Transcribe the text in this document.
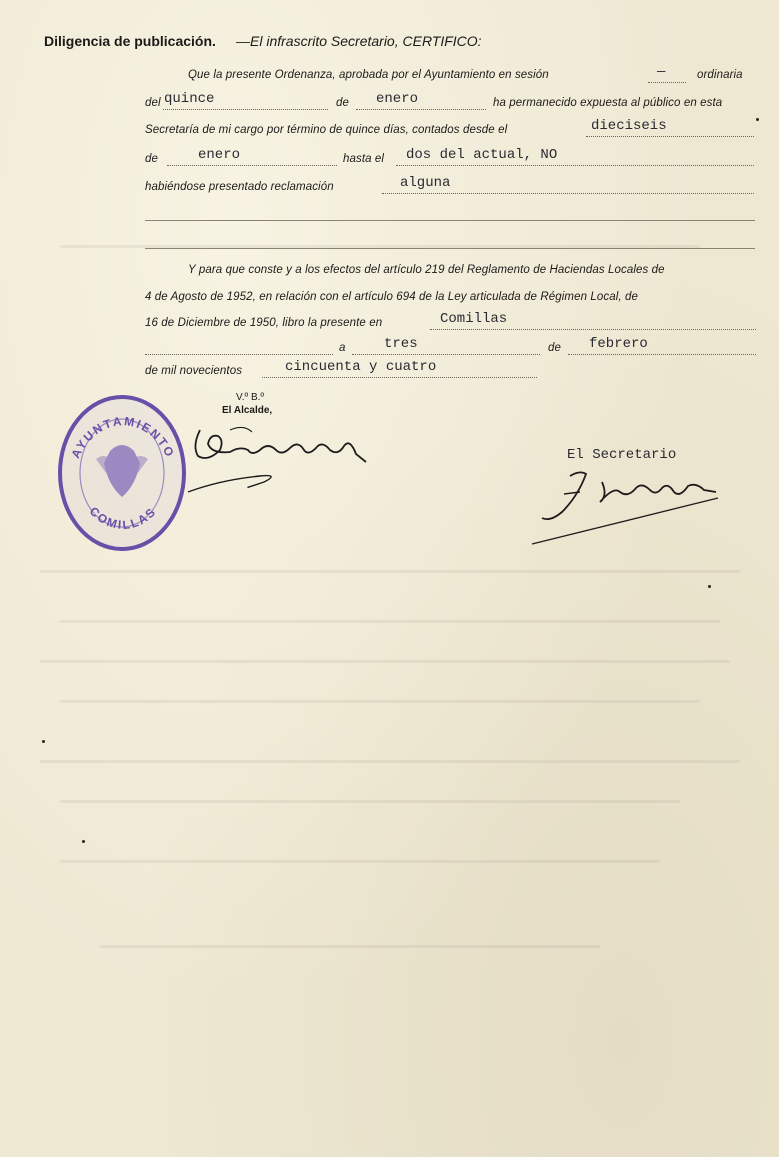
Diligencia de publicación. —El infrascrito Secretario, CERTIFICO:
Que la presente Ordenanza, aprobada por el Ayuntamiento en sesión	—	ordinaria
del quince	de enero	ha permanecido expuesta al público en esta
Secretaría de mi cargo por término de quince días, contados desde el	dieciseis
de	enero	hasta el dos del actual, NO
habiéndose presentado reclamación	alguna
Y para que conste y a los efectos del artículo 219 del Reglamento de Haciendas Locales de
4 de Agosto de 1952, en relación con el artículo 694 de la Ley articulada de Régimen Local, de
16 de Diciembre de 1950, libro la presente en	Comillas
a	tres	de febrero
de mil novecientos	cincuenta y cuatro
V.º B.º
El Alcalde,
AYUNTAMIENTO
COMILLAS
El Secretario
